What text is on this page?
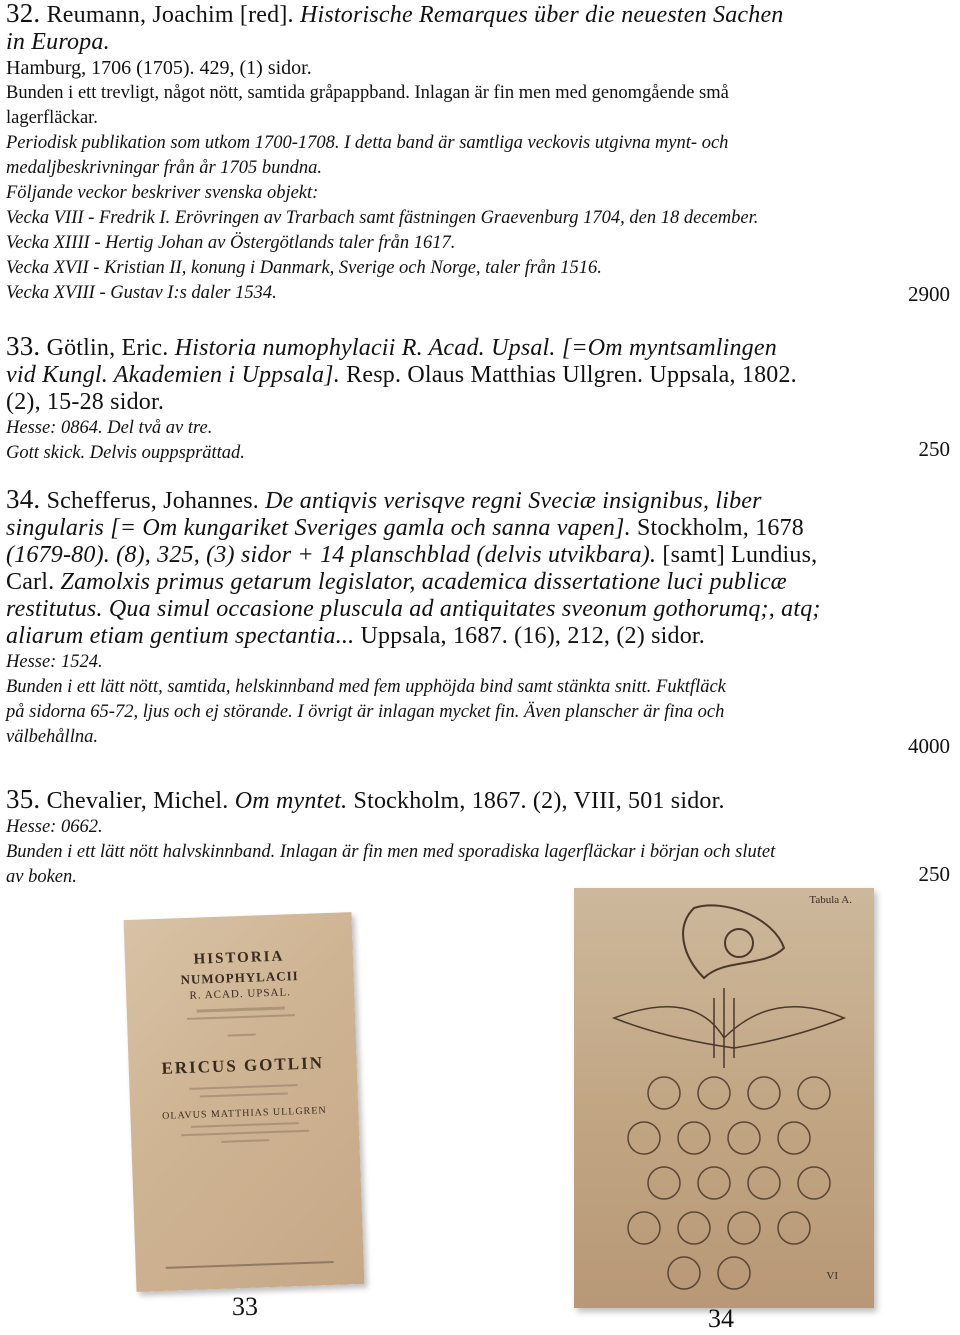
32. Reumann, Joachim [red]. Historische Remarques über die neuesten Sachen
in Europa.
Hamburg, 1706 (1705). 429, (1) sidor.
Bunden i ett trevligt, något nött, samtida gråpappband. Inlagan är fin men med genomgående små
lagerfläckar.
Periodisk publikation som utkom 1700-1708. I detta band är samtliga veckovis utgivna mynt- och
medaljbeskrivningar från år 1705 bundna.
Följande veckor beskriver svenska objekt:
Vecka VIII - Fredrik I. Erövringen av Trarbach samt fästningen Graevenburg 1704, den 18 december.
Vecka XIIII - Hertig Johan av Östergötlands taler från 1617.
Vecka XVII - Kristian II, konung i Danmark, Sverige och Norge, taler från 1516.
Vecka XVIII - Gustav I:s daler 1534.	2900
33. Götlin, Eric. Historia numophylacii R. Acad. Upsal. [=Om myntsamlingen
vid Kungl. Akademien i Uppsala]. Resp. Olaus Matthias Ullgren. Uppsala, 1802.
(2), 15-28 sidor.
Hesse: 0864. Del två av tre.
Gott skick. Delvis ouppsprättad.	250
34. Schefferus, Johannes. De antiqvis verisqve regni Sveciæ insignibus, liber
singularis [= Om kungariket Sveriges gamla och sanna vapen]. Stockholm, 1678
(1679-80). (8), 325, (3) sidor + 14 planschblad (delvis utvikbara). [samt] Lundius,
Carl. Zamolxis primus getarum legislator, academica dissertatione luci publicæ
restitutus. Qua simul occasione pluscula ad antiquitates sveonum gothorumq;, atq;
aliarum etiam gentium spectantia... Uppsala, 1687. (16), 212, (2) sidor.
Hesse: 1524.
Bunden i ett lätt nött, samtida, helskinnband med fem upphöjda bind samt stänkta snitt. Fuktfläck
på sidorna 65-72, ljus och ej störande. I övrigt är inlagan mycket fin. Även planscher är fina och
välbehållna.	4000
35. Chevalier, Michel. Om myntet. Stockholm, 1867. (2), VIII, 501 sidor.
Hesse: 0662.
Bunden i ett lätt nött halvskinnband. Inlagan är fin men med sporadiska lagerfläckar i början och slutet
av boken.	250
HISTORIA
NUMOPHYLACII
R. ACAD. UPSAL.
ERICUS GOTLIN
OLAVUS MATTHIAS ULLGREN
Tabula A.
VI
33	34
